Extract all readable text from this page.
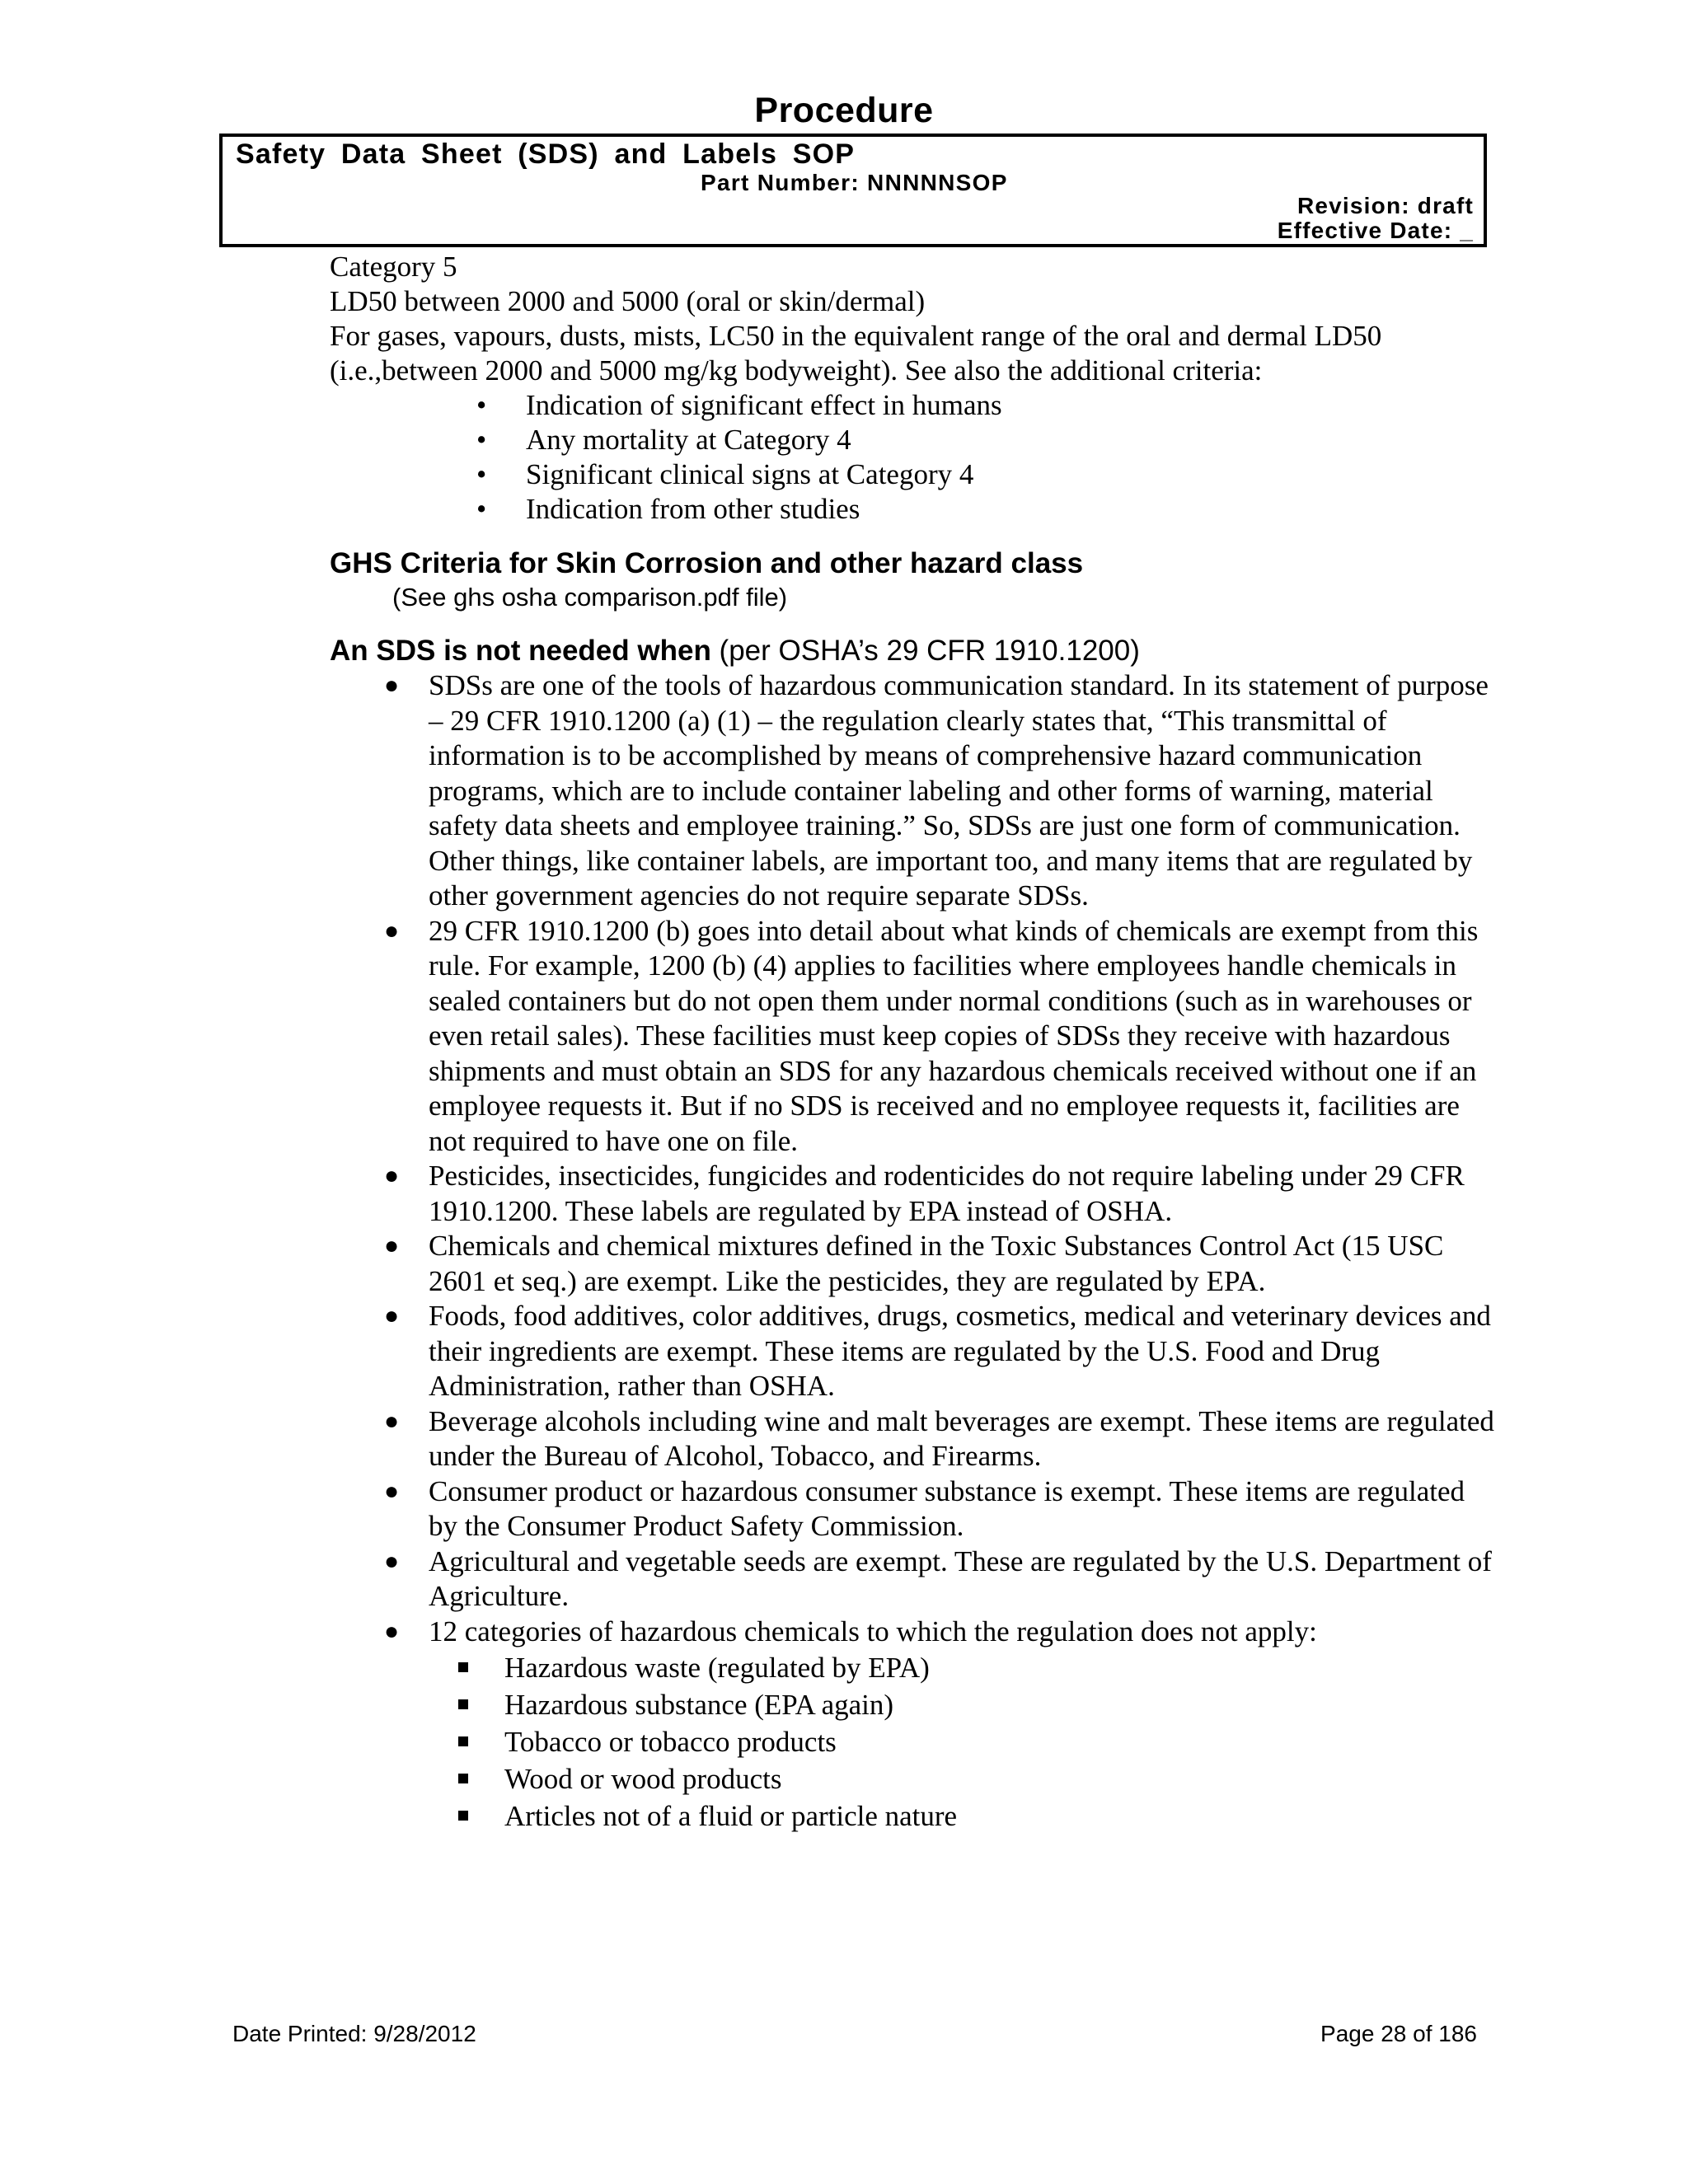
Procedure
Safety Data Sheet (SDS) and Labels SOP
Part Number: NNNNNSOP
Revision: draft
Effective Date: _

Category 5

LD50 between 2000 and 5000 (oral or skin/dermal)

For gases, vapours, dusts, mists, LC50 in the equivalent range of the oral and dermal LD50

(i.e.,between 2000 and 5000 mg/kg bodyweight). See also the additional criteria:

• Indication of significant effect in humans
• Any mortality at Category 4
• Significant clinical signs at Category 4
• Indication from other studies

GHS Criteria for Skin Corrosion and other hazard class

(See ghs osha comparison.pdf file)

An SDS is not needed when (per OSHA’s 29 CFR 1910.1200)

● SDSs are one of the tools of hazardous communication standard. In its statement of purpose – 29 CFR 1910.1200 (a) (1) – the regulation clearly states that, “This transmittal of information is to be accomplished by means of comprehensive hazard communication programs, which are to include container labeling and other forms of warning, material safety data sheets and employee training.” So, SDSs are just one form of communication. Other things, like container labels, are important too, and many items that are regulated by other government agencies do not require separate SDSs.
● 29 CFR 1910.1200 (b) goes into detail about what kinds of chemicals are exempt from this rule. For example, 1200 (b) (4) applies to facilities where employees handle chemicals in sealed containers but do not open them under normal conditions (such as in warehouses or even retail sales). These facilities must keep copies of SDSs they receive with hazardous shipments and must obtain an SDS for any hazardous chemicals received without one if an employee requests it. But if no SDS is received and no employee requests it, facilities are not required to have one on file.
● Pesticides, insecticides, fungicides and rodenticides do not require labeling under 29 CFR 1910.1200. These labels are regulated by EPA instead of OSHA.
● Chemicals and chemical mixtures defined in the Toxic Substances Control Act (15 USC 2601 et seq.) are exempt. Like the pesticides, they are regulated by EPA.
● Foods, food additives, color additives, drugs, cosmetics, medical and veterinary devices and their ingredients are exempt. These items are regulated by the U.S. Food and Drug Administration, rather than OSHA.
● Beverage alcohols including wine and malt beverages are exempt. These items are regulated under the Bureau of Alcohol, Tobacco, and Firearms.
● Consumer product or hazardous consumer substance is exempt. These items are regulated by the Consumer Product Safety Commission.
● Agricultural and vegetable seeds are exempt. These are regulated by the U.S. Department of Agriculture.
● 12 categories of hazardous chemicals to which the regulation does not apply:
Hazardous waste (regulated by EPA)
Hazardous substance (EPA again)
Tobacco or tobacco products
Wood or wood products
Articles not of a fluid or particle nature
Date Printed: 9/28/2012	Page 28 of 186
